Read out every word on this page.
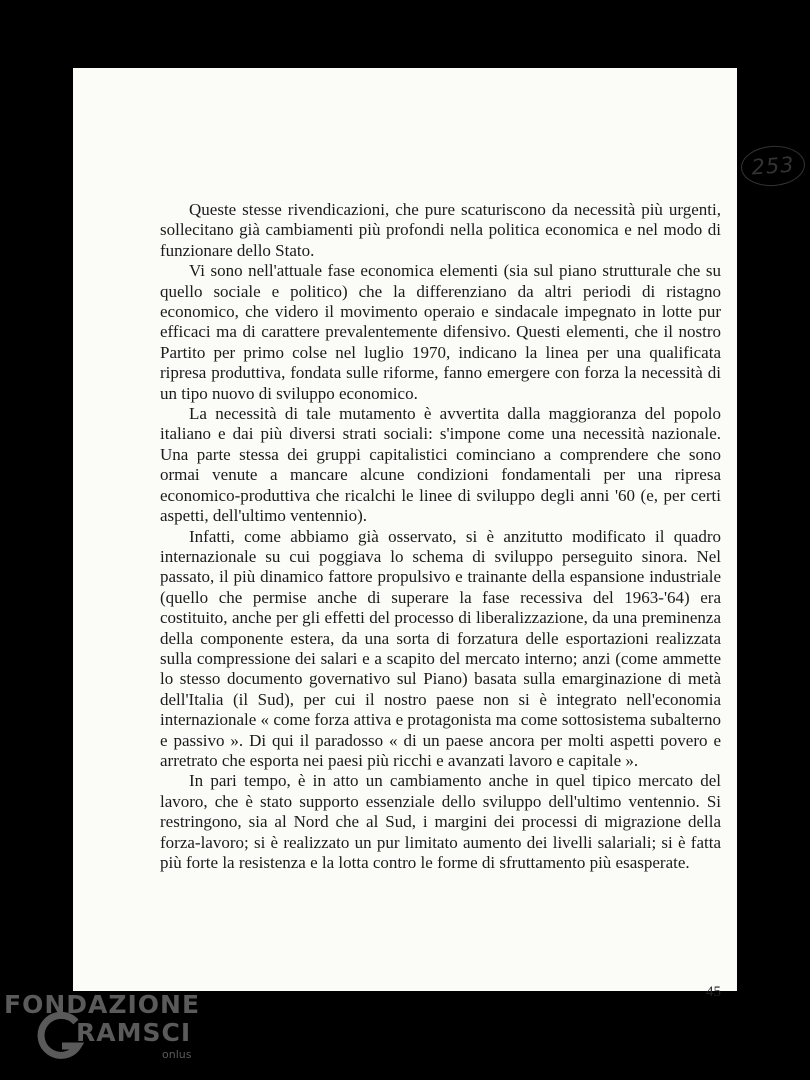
253

Queste stesse rivendicazioni, che pure scaturiscono da necessità più urgenti, sollecitano già cambiamenti più profondi nella politica economica e nel modo di funzionare dello Stato.

Vi sono nell'attuale fase economica elementi (sia sul piano strutturale che su quello sociale e politico) che la differenziano da altri periodi di ristagno economico, che videro il movimento operaio e sindacale impegnato in lotte pur efficaci ma di carattere prevalentemente difensivo. Questi elementi, che il nostro Partito per primo colse nel luglio 1970, indicano la linea per una qualificata ripresa produttiva, fondata sulle riforme, fanno emergere con forza la necessità di un tipo nuovo di sviluppo economico.

La necessità di tale mutamento è avvertita dalla maggioranza del popolo italiano e dai più diversi strati sociali: s'impone come una necessità nazionale. Una parte stessa dei gruppi capitalistici cominciano a comprendere che sono ormai venute a mancare alcune condizioni fondamentali per una ripresa economico-produttiva che ricalchi le linee di sviluppo degli anni '60 (e, per certi aspetti, dell'ultimo ventennio).

Infatti, come abbiamo già osservato, si è anzitutto modificato il quadro internazionale su cui poggiava lo schema di sviluppo perseguito sinora. Nel passato, il più dinamico fattore propulsivo e trainante della espansione industriale (quello che permise anche di superare la fase recessiva del 1963-'64) era costituito, anche per gli effetti del processo di liberalizzazione, da una preminenza della componente estera, da una sorta di forzatura delle esportazioni realizzata sulla compressione dei salari e a scapito del mercato interno; anzi (come ammette lo stesso documento governativo sul Piano) basata sulla emarginazione di metà dell'Italia (il Sud), per cui il nostro paese non si è integrato nell'economia internazionale « come forza attiva e protagonista ma come sottosistema subalterno e passivo ». Di qui il paradosso « di un paese ancora per molti aspetti povero e arretrato che esporta nei paesi più ricchi e avanzati lavoro e capitale ».

In pari tempo, è in atto un cambiamento anche in quel tipico mercato del lavoro, che è stato supporto essenziale dello sviluppo dell'ultimo ventennio. Si restringono, sia al Nord che al Sud, i margini dei processi di migrazione della forza-lavoro; si è realizzato un pur limitato aumento dei livelli salariali; si è fatta più forte la resistenza e la lotta contro le forme di sfruttamento più esasperate.

45
FONDAZIONE
RAMSCI
onlus
